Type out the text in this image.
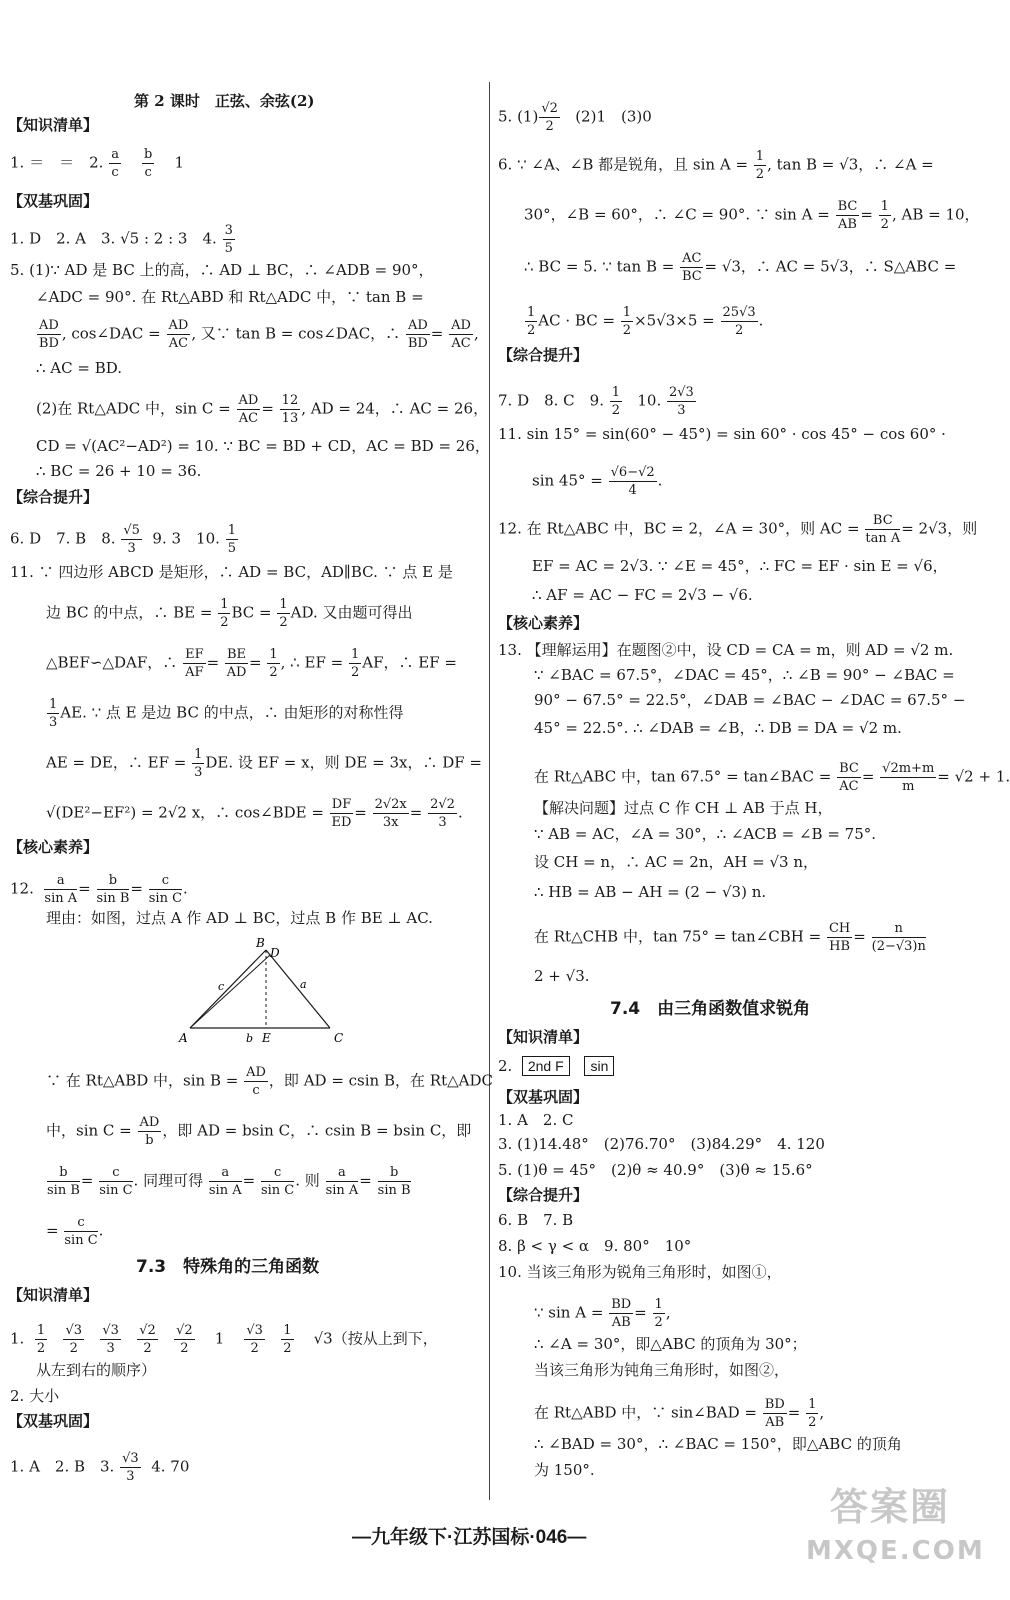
第 2 课时　正弦、余弦(2)
【知识清单】
1. ＝　＝　2. $\frac{a}{c}$
$\frac{b}{c} 1$
【双基巩固】
1. D　2. A　3. √5 : 2 : 3　4. $\frac{3}{5}$
5. (1)∵ AD 是 BC 上的高，∴ AD ⊥ BC，∴ ∠ADB = 90°，
∠ADC = 90°. 在 Rt△ABD 和 Rt△ADC 中，∵ tan B =
$\frac{AD}{BD}$ , cos∠DAC = $\frac{AD}{AC}$ , 又∵ tan B = cos∠DAC，∴ $\frac{AD}{BD} = \frac{AD}{AC}$ ,
∴ AC = BD.
(2)在 Rt△ADC 中，$\sin C = \frac{AD}{AC} = \frac{12}{13}$ , AD = 24，∴ AC = 26，
CD = √(AC²−AD²) = 10. ∵ BC = BD + CD，AC = BD = 26，
∴ BC = 26 + 10 = 36.
【综合提升】
6. D　7. B　8. $\frac{√5}{3} 9$. 3　10. $\frac{1}{5}$
11. ∵ 四边形 ABCD 是矩形，∴ AD = BC，AD∥BC. ∵ 点 E 是
边 BC 的中点，∴ BE = $\frac{1}{2}$ BC = $\frac{1}{2}$ AD. 又由题可得出
△BEF∽△DAF，∴ $\frac{EF}{AF} = \frac{BE}{AD} = \frac{1}{2}$ , ∴ EF = $\frac{1}{2}$ AF，∴ EF =
$\frac{1}{3}$ AE. ∵ 点 E 是边 BC 的中点，∴ 由矩形的对称性得
AE = DE，∴ EF = $\frac{1}{3}$ DE. 设 EF = x，则 DE = 3x，∴ DF =
√(DE²−EF²) = 2√2 x，∴ cos∠BDE = $\frac{DF}{ED} = \frac{2√2x}{3x} = \frac{2√2}{3}$ .
【核心素养】
12. $\frac{a}{\text{sin A}} = \frac{b}{\text{sin B}} = \frac{c}{\text{sin C}}$ .
理由：如图，过点 A 作 AD ⊥ BC，过点 B 作 BE ⊥ AC.
B
D
A	E	C
a
b
c
∵ 在 Rt△ABD 中，$\sin B = \frac{AD}{c}$ ，即 AD = csin B，在 Rt△ADC
中，$\sin C = \frac{AD}{b}$ ，即 AD = bsin C，∴ csin B = bsin C，即
$\frac{b}{\text{sin B}} = \frac{c}{\text{sin C}}$ . 同理可得 $\frac{a}{\text{sin A}} = \frac{c}{\text{sin C}}$ . 则 $\frac{a}{\text{sin A}} = \frac{b}{\text{sin B}}$
= $\frac{c}{\text{sin C}}$ .
7.3　特殊角的三角函数
【知识清单】
1. $\frac{1}{2}$
$\frac{√3}{2}$
$\frac{√3}{3}$
$\frac{√2}{2}$
$\frac{√2}{2} 1 \frac{√3}{2}$
$\frac{1}{2} √3$（按从上到下，
从左到右的顺序）
2. 大小
【双基巩固】
1. A　2. B　3. $\frac{√3}{3} 4$. 70
5. $(1) \frac{√2}{2} (2)1$　(3)0
6. ∵ ∠A、∠B 都是锐角，且 $\sin A = \frac{1}{2}$ , tan B = √3，∴ ∠A =
30°，∠B = 60°，∴ ∠C = 90°. ∵ $\sin A = \frac{BC}{AB} = \frac{1}{2}$ , AB = 10，
∴ BC = 5. ∵ $\tan B = \frac{AC}{BC} = √3$，∴ AC = 5√3，∴ S△ABC =
$\frac{1}{2}$ AC · BC = $\frac{1}{2} \times 5√3\times 5 = \frac{25√3}{2}$ .
【综合提升】
7. D　8. C　9. $\frac{1}{2} 10$. $\frac{2√3}{3}$
11. sin 15° = sin(60° − 45°) = sin 60° · cos 45° − cos 60° ·
$\sin 45^\circ = \frac{√6-√2}{4}$ .
12. 在 Rt△ABC 中，BC = 2，∠A = 30°，则 AC = $\frac{BC}{\text{tan A}} = 2√3$，则
EF = AC = 2√3. ∵ ∠E = 45°，∴ FC = EF · sin E = √6，
∴ AF = AC − FC = 2√3 − √6.
【核心素养】
13. 【理解运用】在题图②中，设 CD = CA = m，则 AD = √2 m.
∵ ∠BAC = 67.5°，∠DAC = 45°，∴ ∠B = 90° − ∠BAC =
90° − 67.5° = 22.5°，∠DAB = ∠BAC − ∠DAC = 67.5° −
45° = 22.5°. ∴ ∠DAB = ∠B，∴ DB = DA = √2 m.
在 Rt△ABC 中，tan 67.5° = tan∠BAC = $\frac{BC}{AC} = \frac{√2m+m}{m} = √2 + 1$.
【解决问题】过点 C 作 CH ⊥ AB 于点 H，
∵ AB = AC，∠A = 30°，∴ ∠ACB = ∠B = 75°.
设 CH = n，∴ AC = 2n，AH = √3 n，
∴ HB = AB − AH = (2 − √3) n.
在 Rt△CHB 中，tan 75° = tan∠CBH = $\frac{CH}{HB} = \frac{n}{(2-√3)n}$
2 + √3.
7.4　由三角函数值求锐角
【知识清单】
2. 2nd F sin
【双基巩固】
1. A　2. C
3. (1)14.48°　(2)76.70°　(3)84.29°　4. 120
5. (1)θ = 45°　(2)θ ≈ 40.9°　(3)θ ≈ 15.6°
【综合提升】
6. B　7. B
8. β < γ < α　9. 80°　10°
10. 当该三角形为锐角三角形时，如图①，
∵ $\sin A = \frac{BD}{AB} = \frac{1}{2}$ ,
∴ ∠A = 30°，即△ABC 的顶角为 30°；
当该三角形为钝角三角形时，如图②，
在 Rt△ABD 中，∵ sin∠BAD = $\frac{BD}{AB} = \frac{1}{2}$ ,
∴ ∠BAD = 30°，∴ ∠BAC = 150°，即△ABC 的顶角
为 150°.
—九年级下·江苏国标·046—
答案圈
MXQE.COM
